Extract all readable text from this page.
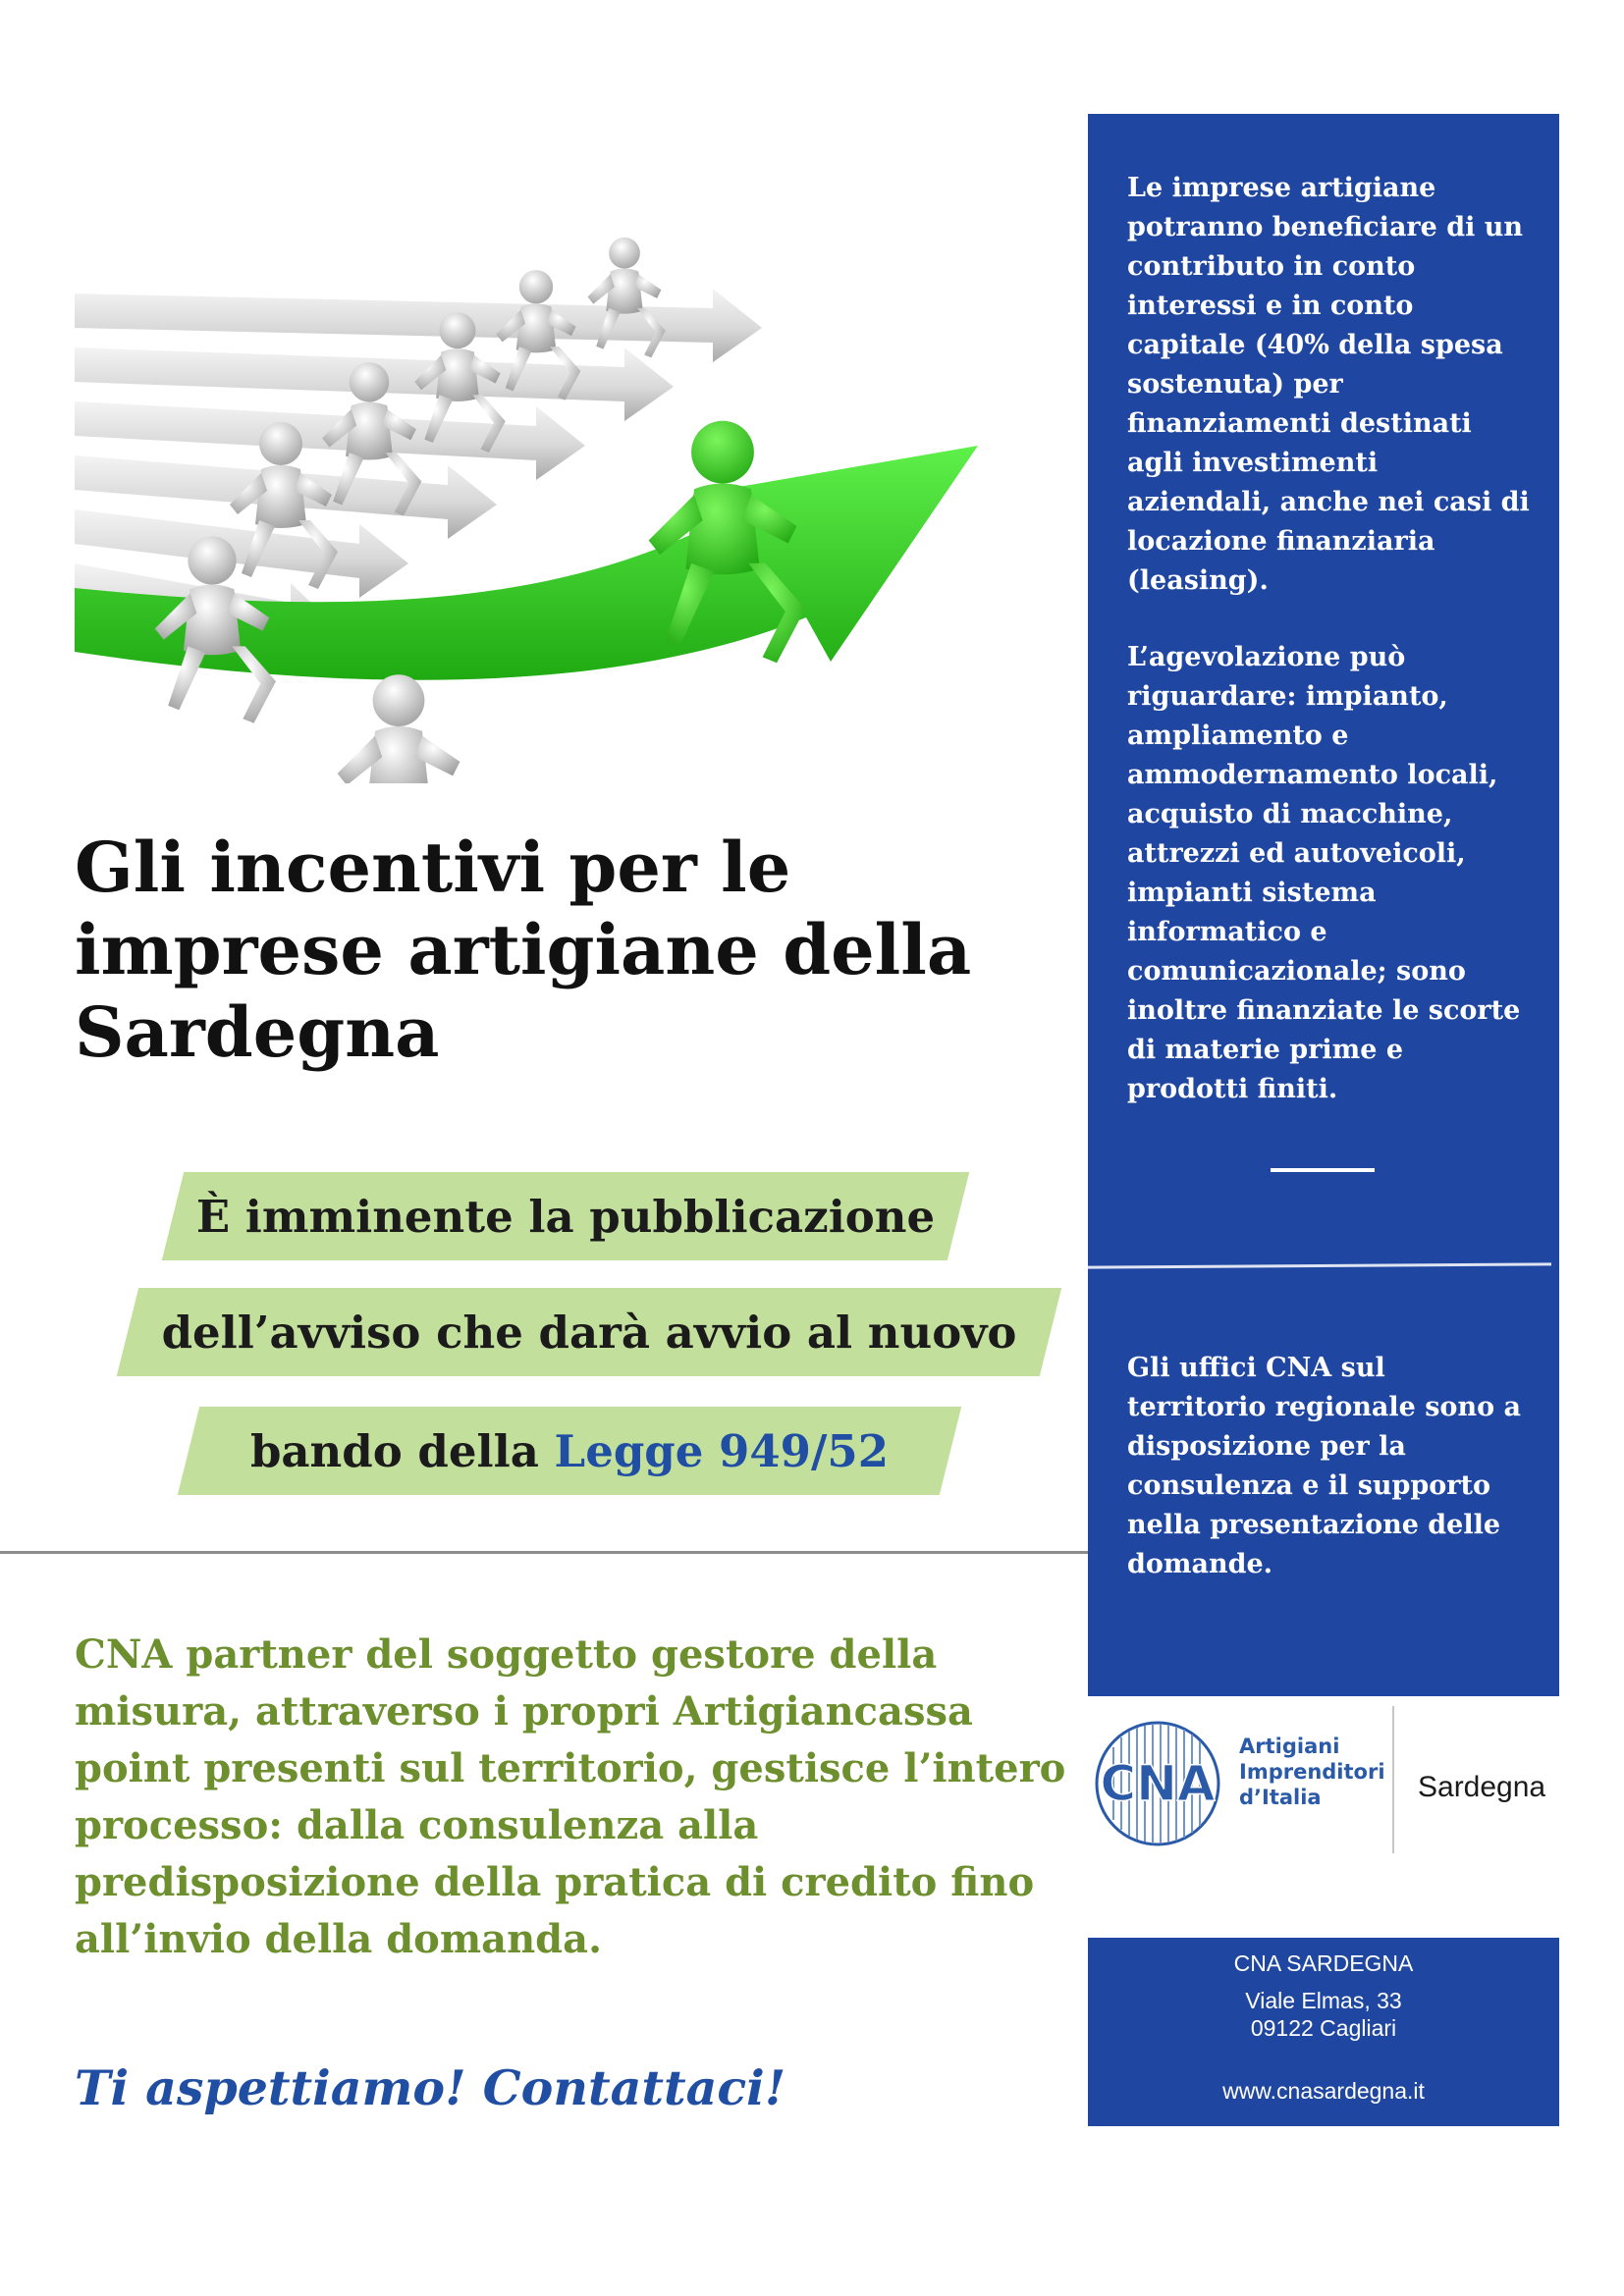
Gli incentivi per le
imprese artigiane della
Sardegna
È imminente la pubblicazione
dell’avviso che darà avvio al nuovo
bando della Legge 949/52

CNA partner del soggetto gestore della misura, attraverso i propri Artigiancassa point presenti sul territorio, gestisce l’intero processo: dalla consulenza alla predisposizione della pratica di credito fino all’invio della domanda.

Ti aspettiamo! Contattaci!

Le imprese artigiane potranno beneficiare di un contributo in conto interessi e in conto capitale (40% della spesa sostenuta) per finanziamenti destinati agli investimenti aziendali, anche nei casi di locazione finanziaria (leasing).

L’agevolazione può riguardare: impianto, ampliamento e ammodernamento locali, acquisto di macchine, attrezzi ed autoveicoli, impianti sistema informatico e comunicazionale; sono inoltre finanziate le scorte di materie prime e prodotti finiti.

Gli uffici CNA sul territorio regionale sono a disposizione per la consulenza e il supporto nella presentazione delle domande.

CNA

Artigiani
Imprenditori
d’Italia	Sardegna

CNA SARDEGNA

Viale Elmas, 33

09122 Cagliari

www.cnasardegna.it

regionale@cnasardegna.it

070 273728
